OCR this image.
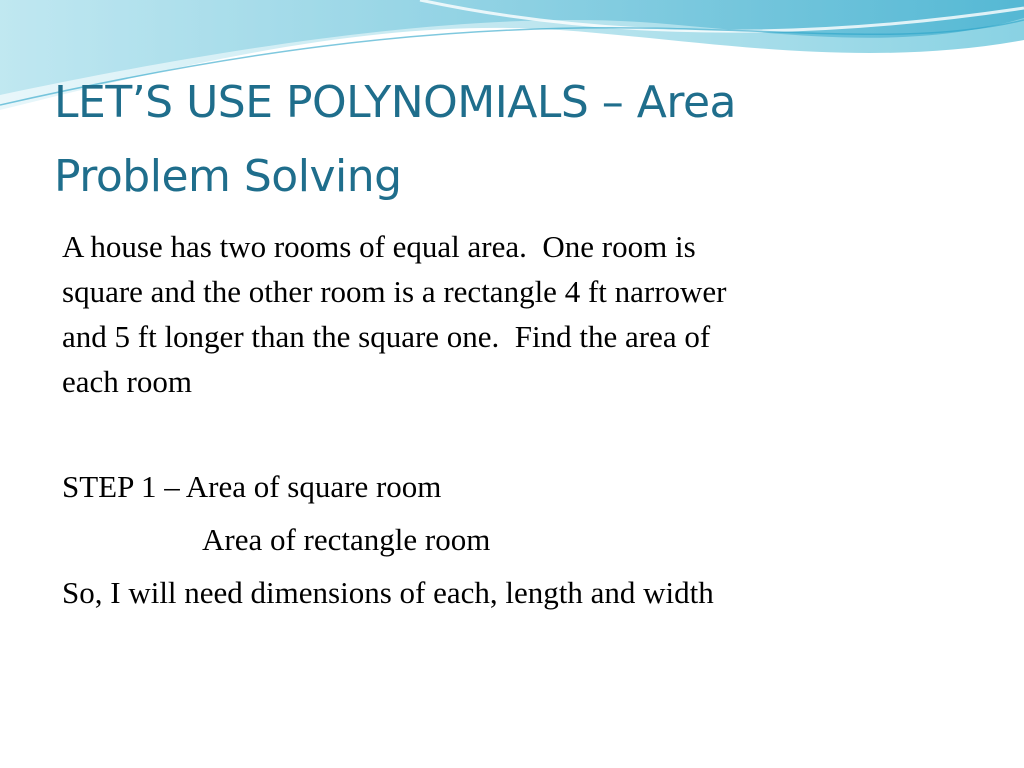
LET’S USE POLYNOMIALS – Area
Problem Solving
A house has two rooms of equal area.  One room is
square and the other room is a rectangle 4 ft narrower
and 5 ft longer than the square one.  Find the area of
each room
STEP 1 – Area of square room
Area of rectangle room
So, I will need dimensions of each, length and width
